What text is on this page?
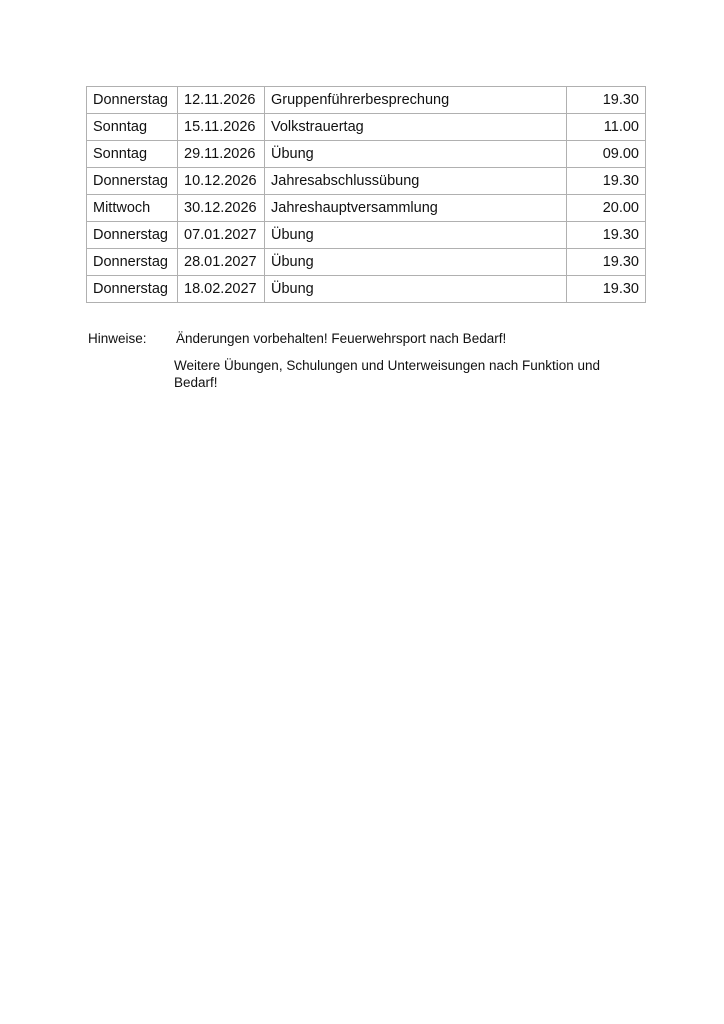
Donnerstag	12.11.2026	Gruppenführerbesprechung	19.30
Sonntag	15.11.2026	Volkstrauertag	11.00
Sonntag	29.11.2026	Übung	09.00
Donnerstag	10.12.2026	Jahresabschlussübung	19.30
Mittwoch	30.12.2026	Jahreshauptversammlung	20.00
Donnerstag	07.01.2027	Übung	19.30
Donnerstag	28.01.2027	Übung	19.30
Donnerstag	18.02.2027	Übung	19.30
Hinweise:	Änderungen vorbehalten! Feuerwehrsport nach Bedarf!
Weitere Übungen, Schulungen und Unterweisungen nach Funktion und Bedarf!
